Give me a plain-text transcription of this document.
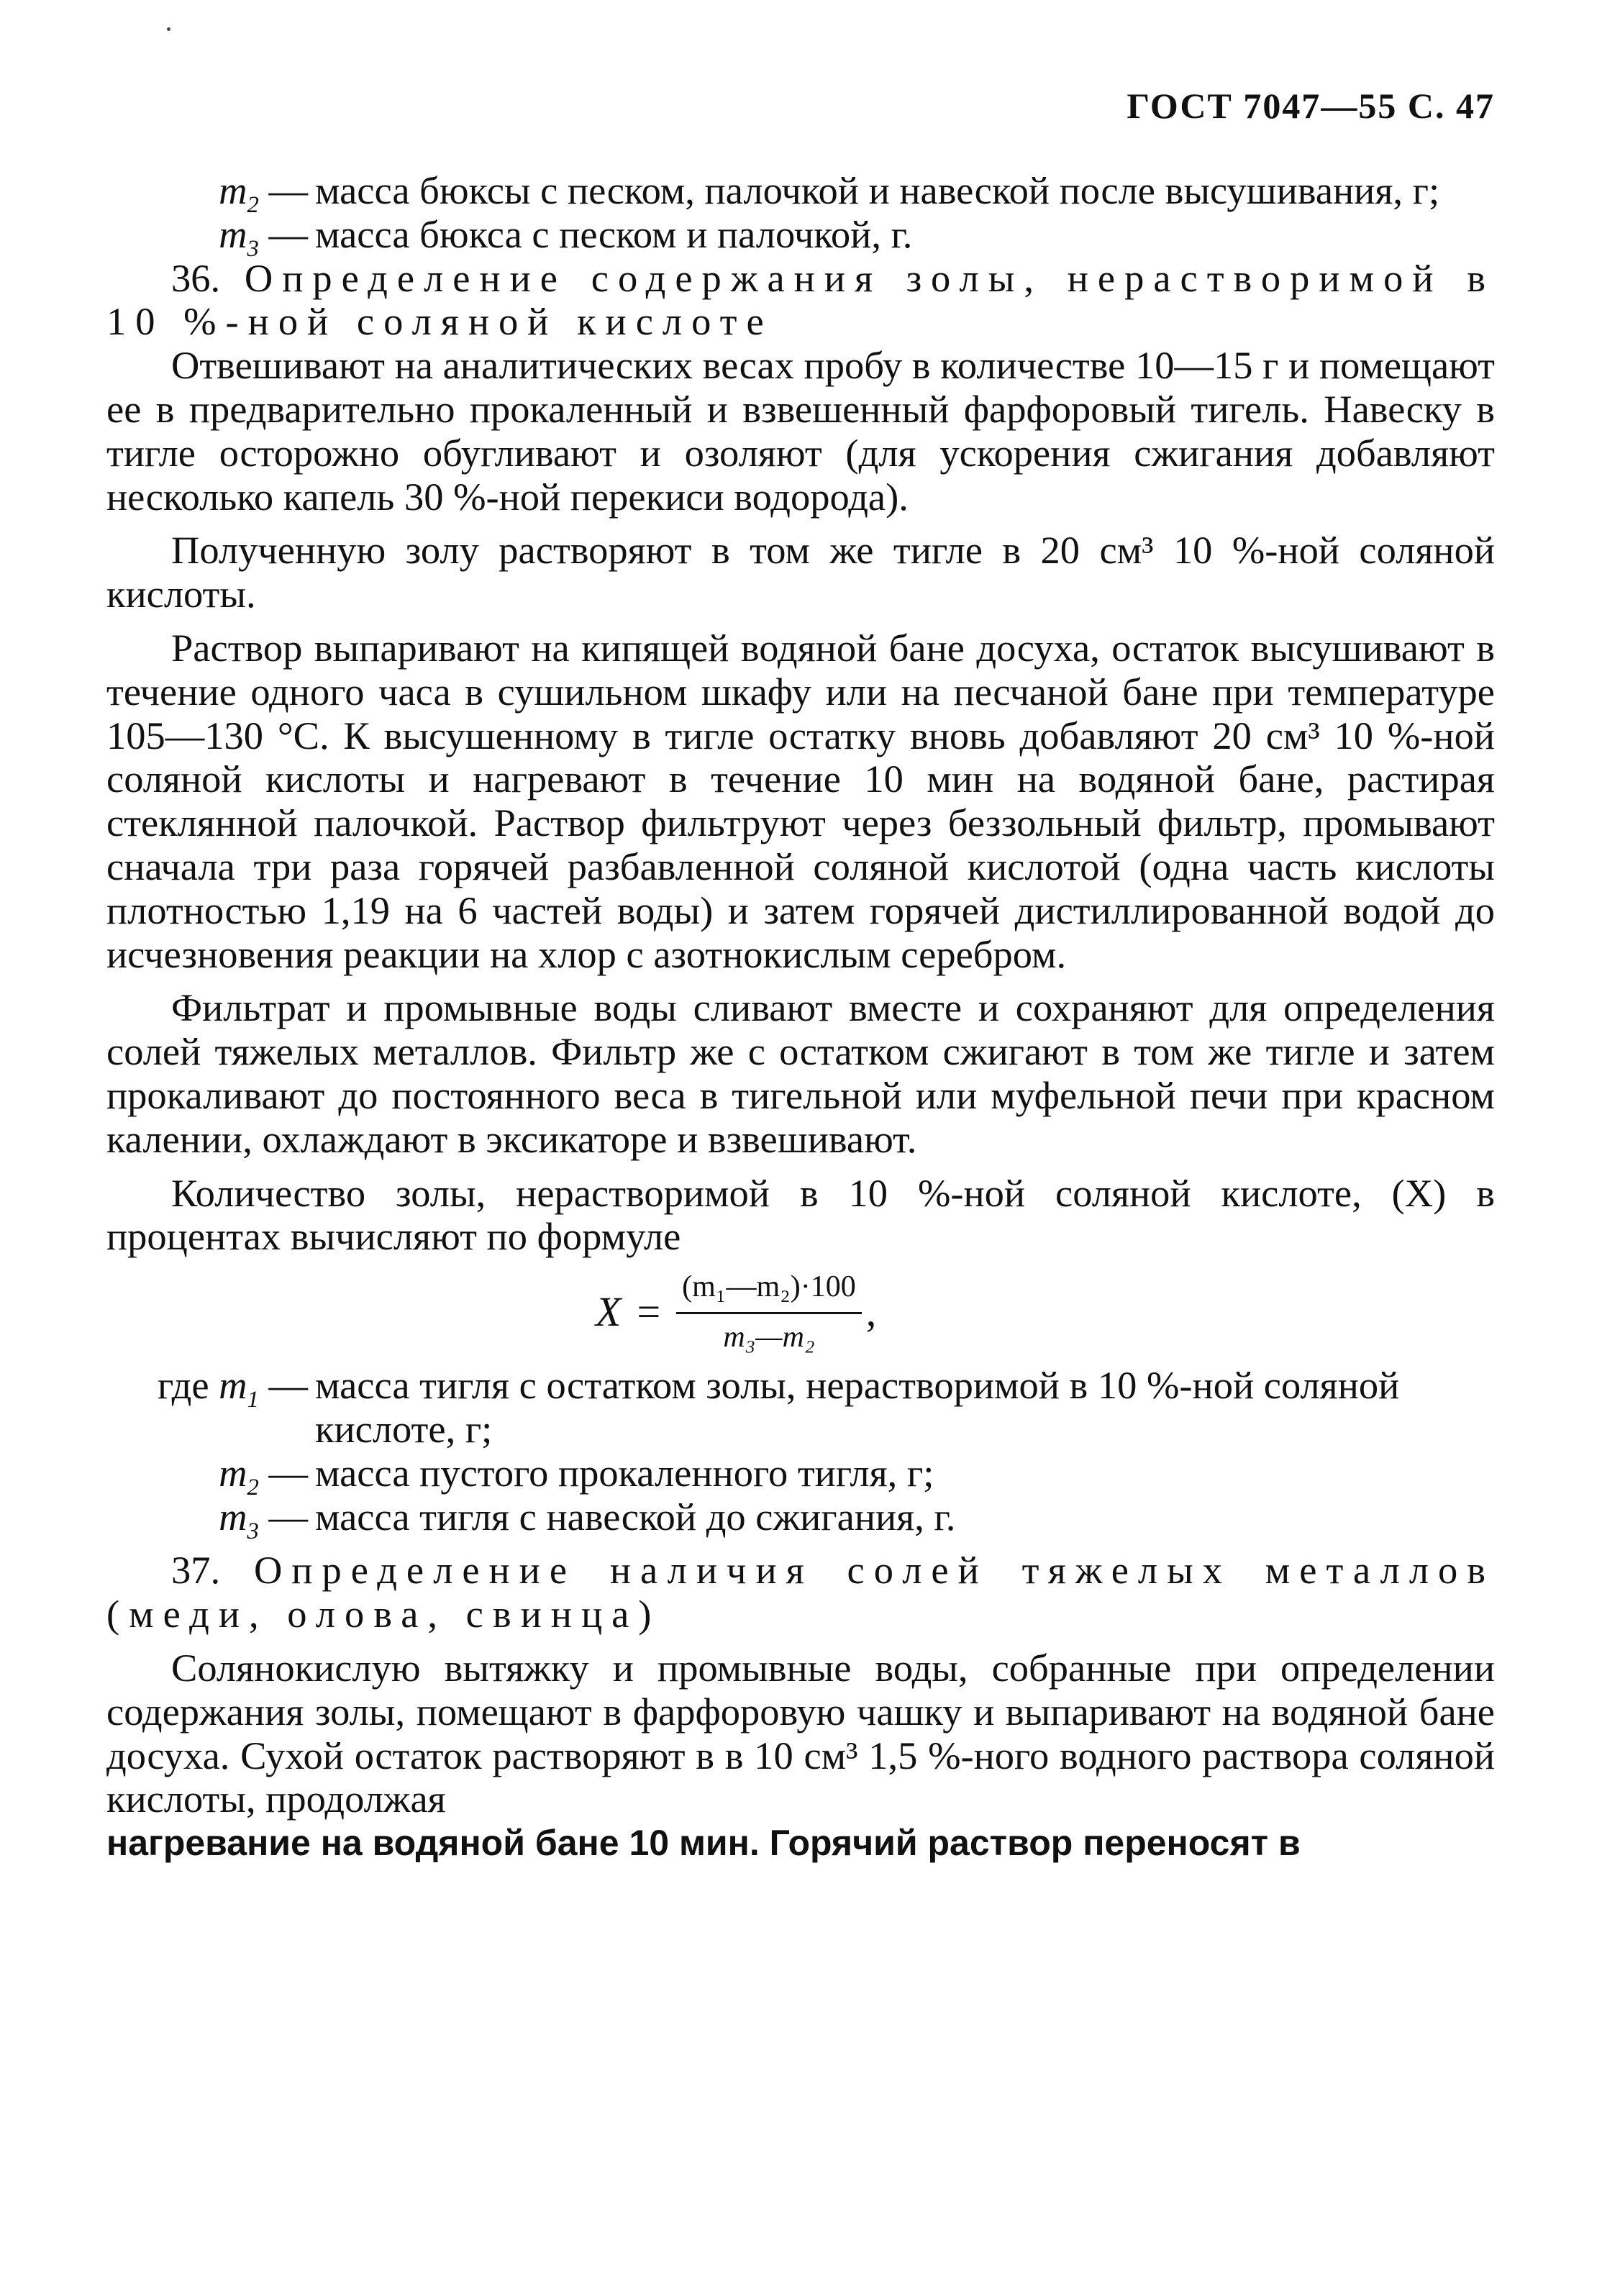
ГОСТ 7047—55 С. 47

$m_2$ — масса бюксы с песком, палочкой и навеской после высушивания, г;

$m_3$ — масса бюкса с песком и палочкой, г.

36. Определение содержания золы, нерастворимой в 10 %-ной соляной кислоте

Отвешивают на аналитических весах пробу в количестве 10—15 г и помещают ее в предварительно прокаленный и взвешенный фарфоровый тигель. Навеску в тигле осторожно обугливают и озоляют (для ускорения сжигания добавляют несколько капель 30 %-ной перекиси водорода).

Полученную золу растворяют в том же тигле в 20 см³ 10 %-ной соляной кислоты.

Раствор выпаривают на кипящей водяной бане досуха, остаток высушивают в течение одного часа в сушильном шкафу или на песчаной бане при температуре 105—130 °С. К высушенному в тигле остатку вновь добавляют 20 см³ 10 %-ной соляной кислоты и нагревают в течение 10 мин на водяной бане, растирая стеклянной палочкой. Раствор фильтруют через беззольный фильтр, промывают сначала три раза горячей разбавленной соляной кислотой (одна часть кислоты плотностью 1,19 на 6 частей воды) и затем горячей дистиллированной водой до исчезновения реакции на хлор с азотнокислым серебром.

Фильтрат и промывные воды сливают вместе и сохраняют для определения солей тяжелых металлов. Фильтр же с остатком сжигают в том же тигле и затем прокаливают до постоянного веса в тигельной или муфельной печи при красном калении, охлаждают в эксикаторе и взвешивают.

Количество золы, нерастворимой в 10 %-ной соляной кислоте, (X) в процентах вычисляют по формуле

$X = \frac{\text{(m₁—m₂)·100}}{\text{m₃—m₂}}$ ,

где $m_1$ — масса тигля с остатком золы, нерастворимой в 10 %-ной соляной кислоте, г;

$m_2$ — масса пустого прокаленного тигля, г;

$m_3$ — масса тигля с навеской до сжигания, г.

37. Определение наличия солей тяжелых металлов (меди, олова, свинца)

Солянокислую вытяжку и промывные воды, собранные при определении содержания золы, помещают в фарфоровую чашку и выпаривают на водяной бане досуха. Сухой остаток растворяют в в 10 см³ 1,5 %-ного водного раствора соляной кислоты, продолжая

нагревание на водяной бане 10 мин. Горячий раствор переносят в
